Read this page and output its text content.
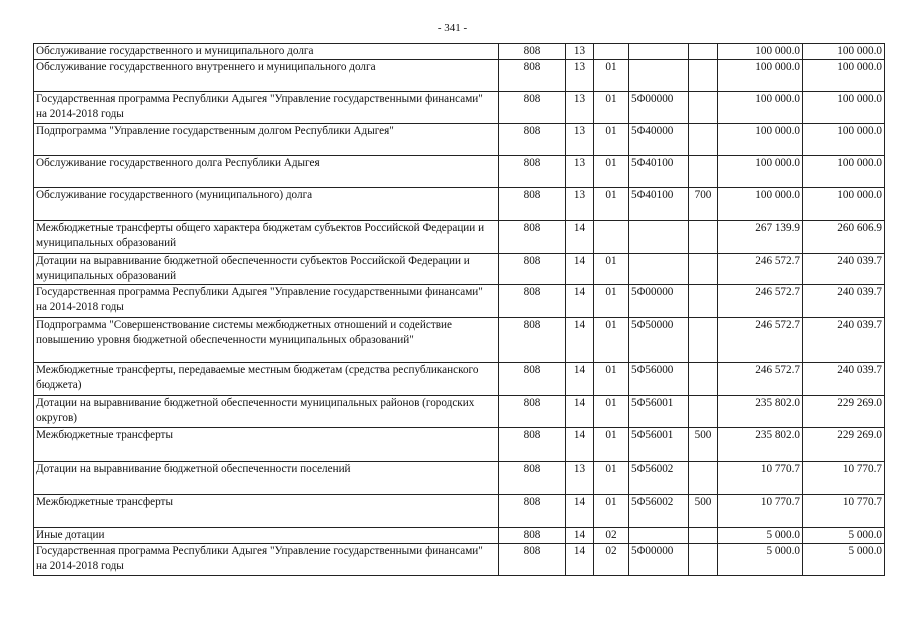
- 341 -
Обслуживание государственного и муниципального долга	808	13				100 000.0	100 000.0
Обслуживание государственного внутреннего и муниципального долга	808	13	01			100 000.0	100 000.0
Государственная программа Республики Адыгея "Управление государственными финансами" на 2014-2018 годы	808	13	01	5Ф00000		100 000.0	100 000.0
Подпрограмма "Управление государственным долгом Республики Адыгея"	808	13	01	5Ф40000		100 000.0	100 000.0
Обслуживание государственного долга Республики Адыгея	808	13	01	5Ф40100		100 000.0	100 000.0
Обслуживание государственного (муниципального) долга	808	13	01	5Ф40100	700	100 000.0	100 000.0
Межбюджетные трансферты общего характера бюджетам субъектов Российской Федерации и муниципальных образований	808	14				267 139.9	260 606.9
Дотации на выравнивание бюджетной обеспеченности субъектов Российской Федерации и муниципальных образований	808	14	01			246 572.7	240 039.7
Государственная программа Республики Адыгея "Управление государственными финансами" на 2014-2018 годы	808	14	01	5Ф00000		246 572.7	240 039.7
Подпрограмма "Совершенствование системы межбюджетных отношений и содействие повышению уровня бюджетной обеспеченности муниципальных образований"	808	14	01	5Ф50000		246 572.7	240 039.7
Межбюджетные трансферты, передаваемые местным бюджетам (средства республиканского бюджета)	808	14	01	5Ф56000		246 572.7	240 039.7
Дотации на выравнивание бюджетной обеспеченности муниципальных районов (городских округов)	808	14	01	5Ф56001		235 802.0	229 269.0
Межбюджетные трансферты	808	14	01	5Ф56001	500	235 802.0	229 269.0
Дотации на выравнивание бюджетной обеспеченности поселений	808	13	01	5Ф56002		10 770.7	10 770.7
Межбюджетные трансферты	808	14	01	5Ф56002	500	10 770.7	10 770.7
Иные дотации	808	14	02			5 000.0	5 000.0
Государственная программа Республики Адыгея "Управление государственными финансами" на 2014-2018 годы	808	14	02	5Ф00000		5 000.0	5 000.0
